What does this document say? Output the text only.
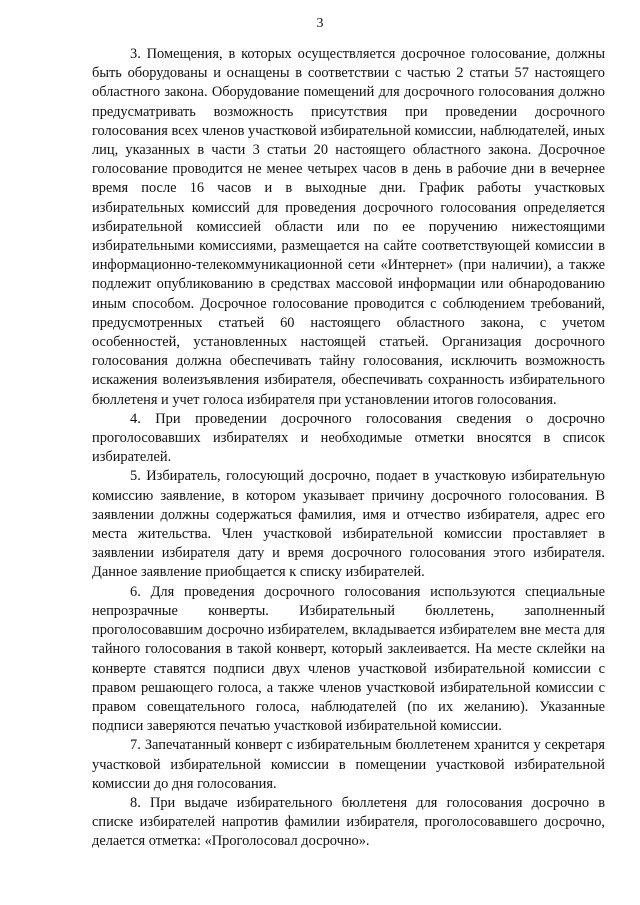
3

3. Помещения, в которых осуществляется досрочное голосование, должны быть оборудованы и оснащены в соответствии с частью 2 статьи 57 настоящего областного закона. Оборудование помещений для досрочного голосования должно предусматривать возможность присутствия при проведении досрочного голосования всех членов участковой избирательной комиссии, наблюдателей, иных лиц, указанных в части 3 статьи 20 настоящего областного закона. Досрочное голосование проводится не менее четырех часов в день в рабочие дни в вечернее время после 16 часов и в выходные дни. График работы участковых избирательных комиссий для проведения досрочного голосования определяется избирательной комиссией области или по ее поручению нижестоящими избирательными комиссиями, размещается на сайте соответствующей комиссии в информационно-телекоммуникационной сети «Интернет» (при наличии), а также подлежит опубликованию в средствах массовой информации или обнародованию иным способом. Досрочное голосование проводится с соблюдением требований, предусмотренных статьей 60 настоящего областного закона, с учетом особенностей, установленных настоящей статьей. Организация досрочного голосования должна обеспечивать тайну голосования, исключить возможность искажения волеизъявления избирателя, обеспечивать сохранность избирательного бюллетеня и учет голоса избирателя при установлении итогов голосования.

4. При проведении досрочного голосования сведения о досрочно проголосовавших избирателях и необходимые отметки вносятся в список избирателей.

5. Избиратель, голосующий досрочно, подает в участковую избирательную комиссию заявление, в котором указывает причину досрочного голосования. В заявлении должны содержаться фамилия, имя и отчество избирателя, адрес его места жительства. Член участковой избирательной комиссии проставляет в заявлении избирателя дату и время досрочного голосования этого избирателя. Данное заявление приобщается к списку избирателей.

6. Для проведения досрочного голосования используются специальные непрозрачные конверты. Избирательный бюллетень, заполненный проголосовавшим досрочно избирателем, вкладывается избирателем вне места для тайного голосования в такой конверт, который заклеивается. На месте склейки на конверте ставятся подписи двух членов участковой избирательной комиссии с правом решающего голоса, а также членов участковой избирательной комиссии с правом совещательного голоса, наблюдателей (по их желанию). Указанные подписи заверяются печатью участковой избирательной комиссии.

7. Запечатанный конверт с избирательным бюллетенем хранится у секретаря участковой избирательной комиссии в помещении участковой избирательной комиссии до дня голосования.

8. При выдаче избирательного бюллетеня для голосования досрочно в списке избирателей напротив фамилии избирателя, проголосовавшего досрочно, делается отметка: «Проголосовал досрочно».
